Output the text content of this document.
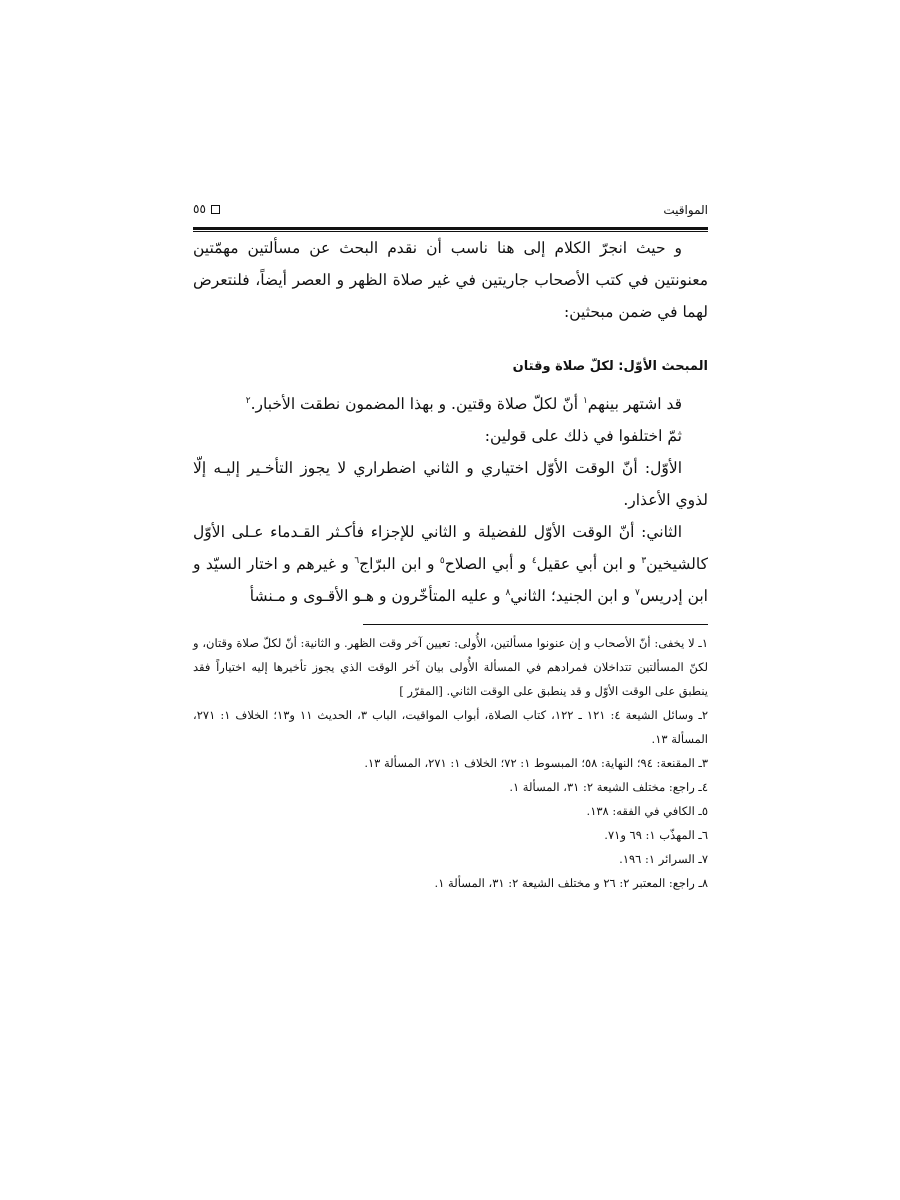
المواقيت
٥٥

و حيث انجرّ الكلام إلى هنا ناسب أن نقدم البحث عن مسألتين مهمّتين معنونتين في كتب الأصحاب جاريتين في غير صلاة الظهر و العصر أيضاً، فلنتعرض لهما في ضمن مبحثين:

المبحث الأوّل: لكلّ صلاة وقتان

قد اشتهر بينهم$^١$ أنّ لكلّ صلاة وقتين. و بهذا المضمون نطقت الأخبار.$^٢$

ثمّ اختلفوا في ذلك على قولين:

الأوّل: أنّ الوقت الأوّل اختياري و الثاني اضطراري لا يجوز التأخـير إليـه إلّا لذوي الأعذار.

الثاني: أنّ الوقت الأوّل للفضيلة و الثاني للإجزاء فأكـثر القـدماء عـلى الأوّل كالشيخين$^٣$ و ابن أبي عقيل$^٤$ و أبي الصلاح$^٥$ و ابن البرّاج$^٦$ و غيرهم و اختار السيّد و ابن إدريس$^٧$ و ابن الجنيد؛ الثاني$^٨$ و عليه المتأخّرون و هـو الأقـوى و مـنشأ

١ـ لا يخفى: أنّ الأصحاب و إن عنونوا مسألتين، الأُولى: تعيين آخر وقت الظهر. و الثانية: أنّ لكلّ صلاة وقتان، و لكنّ المسألتين تتداخلان فمرادهم في المسألة الأُولى بيان آخر الوقت الذي يجوز تأخيرها إليه اختياراً فقد ينطبق على الوقت الأوّل و قد ينطبق على الوقت الثاني. [المقرّر ]

٢ـ وسائل الشيعة ٤: ١٢١ ـ ١٢٢، كتاب الصلاة، أبواب المواقيت، الباب ٣، الحديث ١١ و١٣؛ الخلاف ١: ٢٧١، المسألة ١٣.

٣ـ المقنعة: ٩٤؛ النهاية: ٥٨؛ المبسوط ١: ٧٢؛ الخلاف ١: ٢٧١، المسألة ١٣.

٤ـ راجع: مختلف الشيعة ٢: ٣١، المسألة ١.

٥ـ الكافي في الفقه: ١٣٨.

٦ـ المهذّب ١: ٦٩ و٧١.

٧ـ السرائر ١: ١٩٦.

٨ـ راجع: المعتبر ٢: ٢٦ و مختلف الشيعة ٢: ٣١، المسألة ١.
